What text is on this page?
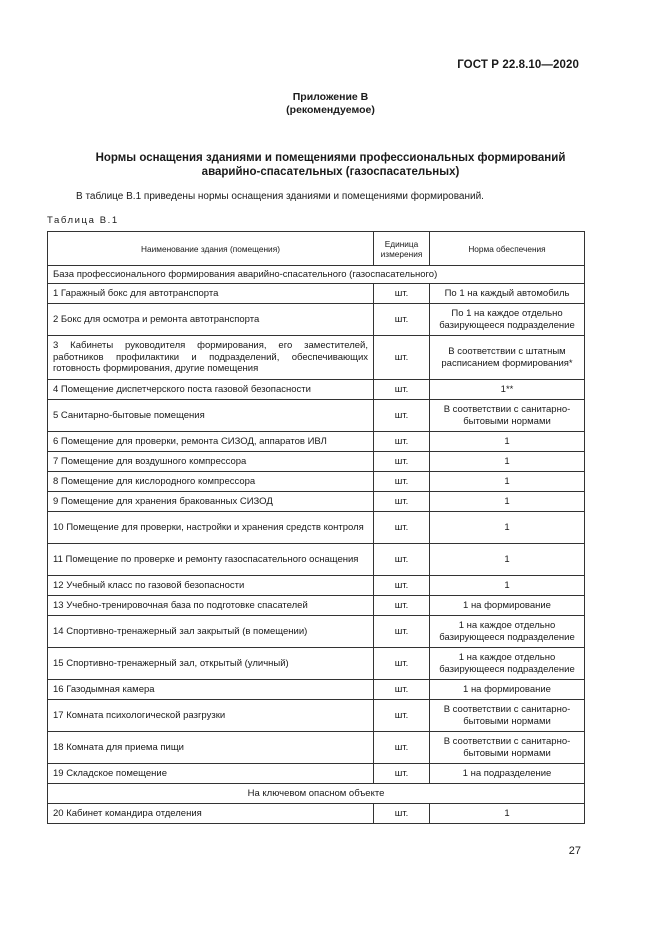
ГОСТ Р 22.8.10—2020
Приложение В
(рекомендуемое)
Нормы оснащения зданиями и помещениями профессиональных формирований
аварийно-спасательных (газоспасательных)
В таблице В.1 приведены нормы оснащения зданиями и помещениями формирований.
Таблица В.1
Наименование здания (помещения)	Единица измерения	Норма обеспечения
База профессионального формирования аварийно-спасательного (газоспасательного)		
1 Гаражный бокс для автотранспорта	шт.	По 1 на каждый автомобиль
2 Бокс для осмотра и ремонта автотранспорта	шт.	По 1 на каждое отдельно базирующееся подразделение
3 Кабинеты руководителя формирования, его заместителей, работников профилактики и подразделений, обеспечивающих готовность формирования, другие помещения	шт.	В соответствии с штатным расписанием формирования*
4 Помещение диспетчерского поста газовой безопасности	шт.	1**
5 Санитарно-бытовые помещения	шт.	В соответствии с санитарно-бытовыми нормами
6 Помещение для проверки, ремонта СИЗОД, аппаратов ИВЛ	шт.	1
7 Помещение для воздушного компрессора	шт.	1
8 Помещение для кислородного компрессора	шт.	1
9 Помещение для хранения бракованных СИЗОД	шт.	1
10 Помещение для проверки, настройки и хранения средств контроля	шт.	1
11 Помещение по проверке и ремонту газоспасательного оснащения	шт.	1
12 Учебный класс по газовой безопасности	шт.	1
13 Учебно-тренировочная база по подготовке спасателей	шт.	1 на формирование
14 Спортивно-тренажерный зал закрытый (в помещении)	шт.	1 на каждое отдельно базирующееся подразделение
15 Спортивно-тренажерный зал, открытый (уличный)	шт.	1 на каждое отдельно базирующееся подразделение
16 Газодымная камера	шт.	1 на формирование
17 Комната психологической разгрузки	шт.	В соответствии с санитарно-бытовыми нормами
18 Комната для приема пищи	шт.	В соответствии с санитарно-бытовыми нормами
19 Складское помещение	шт.	1 на подразделение
На ключевом опасном объекте		
20 Кабинет командира отделения	шт.	1
27
